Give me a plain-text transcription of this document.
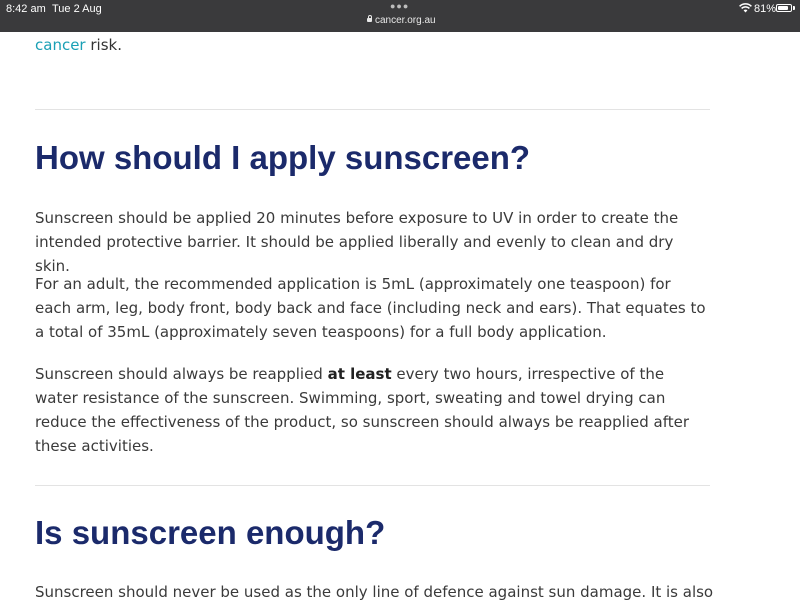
8:42 am Tue 2 Aug	●●●
cancer.org.au
81%
cancer risk.
How should I apply sunscreen?

Sunscreen should be applied 20 minutes before exposure to UV in order to create the intended protective barrier. It should be applied liberally and evenly to clean and dry skin.

For an adult, the recommended application is 5mL (approximately one teaspoon) for each arm, leg, body front, body back and face (including neck and ears). That equates to a total of 35mL (approximately seven teaspoons) for a full body application.

Sunscreen should always be reapplied at least every two hours, irrespective of the water resistance of the sunscreen. Swimming, sport, sweating and towel drying can reduce the effectiveness of the product, so sunscreen should always be reapplied after these activities.

Is sunscreen enough?

Sunscreen should never be used as the only line of defence against sun damage. It is also
